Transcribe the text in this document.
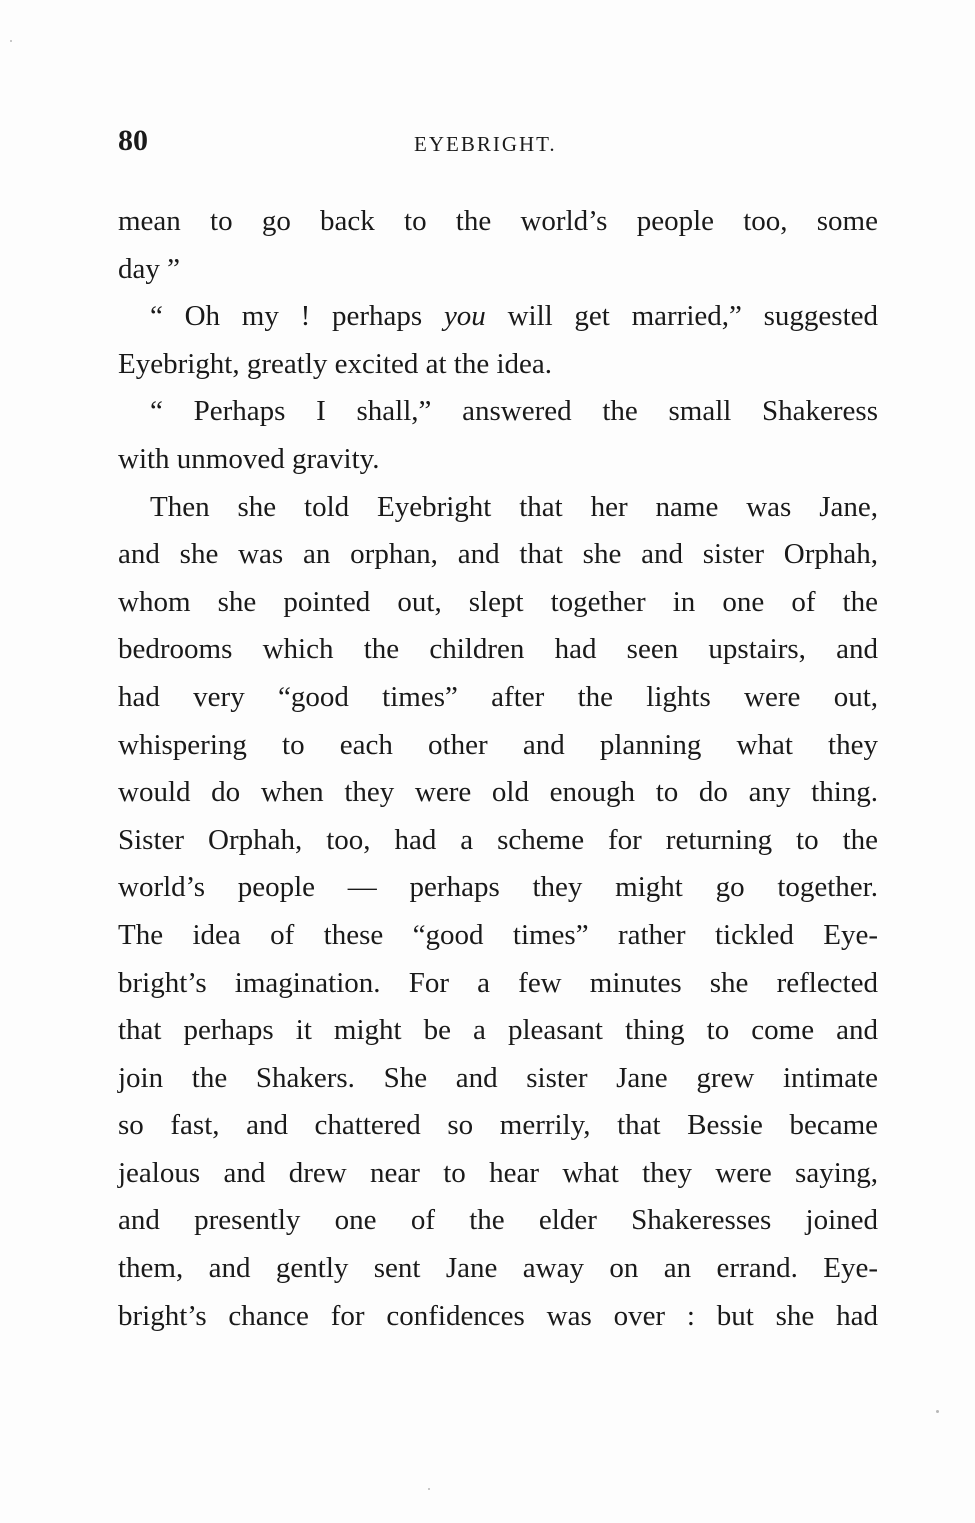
80	EYEBRIGHT.
mean to go back to the world’s people too, some
day ”
“ Oh my ! perhaps you will get married,” suggested
Eyebright, greatly excited at the idea.
“ Perhaps I shall,” answered the small Shakeress
with unmoved gravity.
Then she told Eyebright that her name was Jane,
and she was an orphan, and that she and sister Orphah,
whom she pointed out, slept together in one of the
bedrooms which the children had seen upstairs, and
had very “good times” after the lights were out,
whispering to each other and planning what they
would do when they were old enough to do any thing.
Sister Orphah, too, had a scheme for returning to the
world’s people — perhaps they might go together.
The idea of these “good times” rather tickled Eye-
bright’s imagination. For a few minutes she reflected
that perhaps it might be a pleasant thing to come and
join the Shakers. She and sister Jane grew intimate
so fast, and chattered so merrily, that Bessie became
jealous and drew near to hear what they were saying,
and presently one of the elder Shakeresses joined
them, and gently sent Jane away on an errand. Eye-
bright’s chance for confidences was over : but she had
